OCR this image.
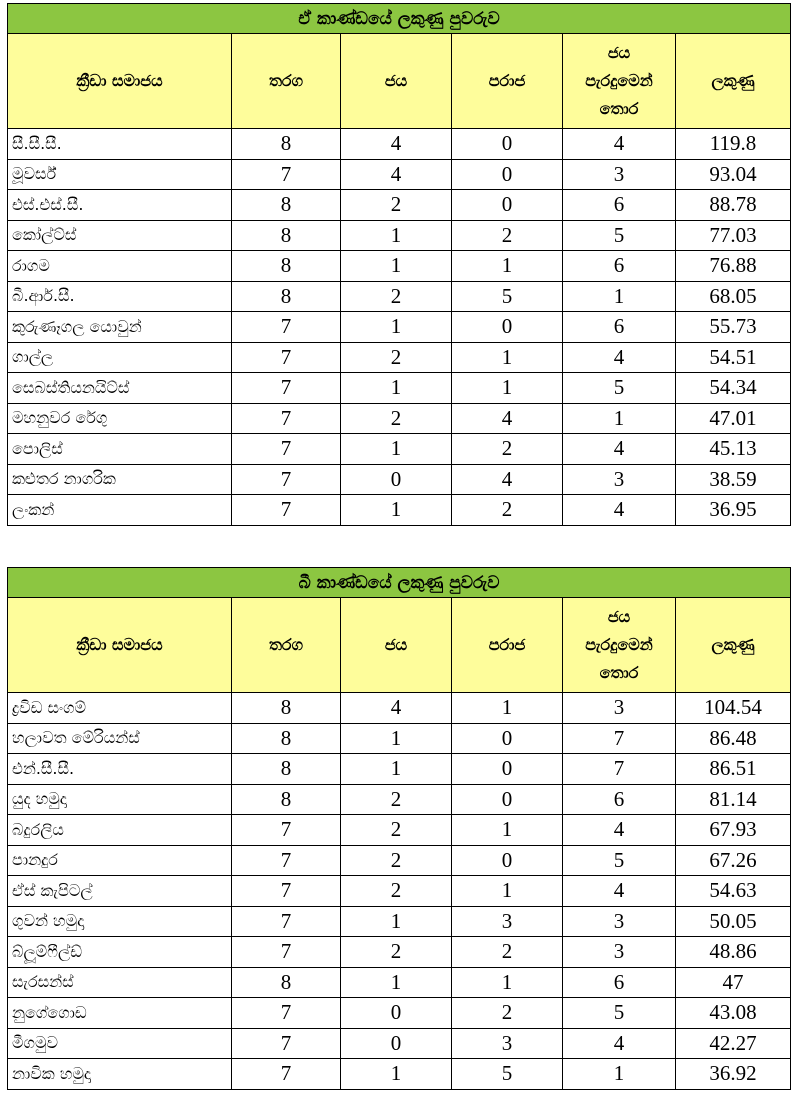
ඒ කාණ්ඩයේ ලකුණු පුවරුව					
ක්‍රීඩා සමාජය	තරග	ජය	පරාජ	ජය
පැරදුමෙන්
තොර	ලකුණු
සී.සී.සී.	8	4	0	4	119.8
මූවර්ස්	7	4	0	3	93.04
එස්.එස්.සී.	8	2	0	6	88.78
කෝල්ට්ස්	8	1	2	5	77.03
රාගම	8	1	1	6	76.88
බී.ආර්.සී.	8	2	5	1	68.05
කුරුණෑගල යොවුන්	7	1	0	6	55.73
ගාල්ල	7	2	1	4	54.51
සෙබස්තියනයිට්ස්	7	1	1	5	54.34
මහනුවර රේගු	7	2	4	1	47.01
පොලිස්	7	1	2	4	45.13
කළුතර නාගරික	7	0	4	3	38.59
ලංකන්	7	1	2	4	36.95
බී කාණ්ඩයේ ලකුණු පුවරුව					
ක්‍රීඩා සමාජය	තරග	ජය	පරාජ	ජය
පැරදුමෙන්
තොර	ලකුණු
ද්‍රවිඩ සංගම්	8	4	1	3	104.54
හලාවත මේරියන්ස්	8	1	0	7	86.48
එන්.සී.සී.	8	1	0	7	86.51
යුද හමුදා	8	2	0	6	81.14
බදුරලිය	7	2	1	4	67.93
පානදුර	7	2	0	5	67.26
ඒස් කැපිටල්	7	2	1	4	54.63
ගුවන් හමුදා	7	1	3	3	50.05
බ්ලූම්ෆීල්ඩ්	7	2	2	3	48.86
සැරසන්ස්	8	1	1	6	47
නුගේගොඩ	7	0	2	5	43.08
මීගමුව	7	0	3	4	42.27
නාවික හමුදා	7	1	5	1	36.92
